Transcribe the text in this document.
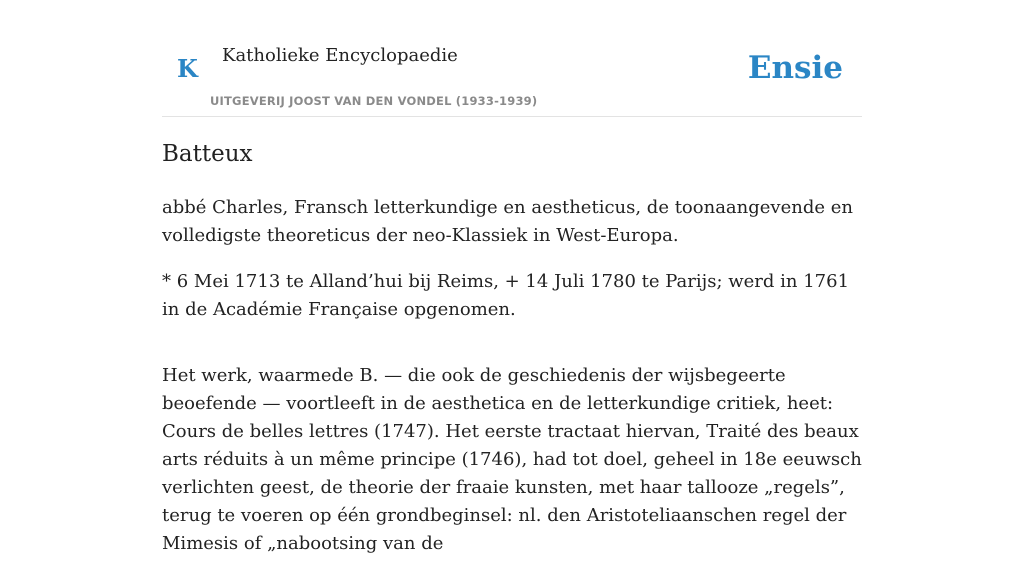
K Katholieke Encyclopaedie
UITGEVERIJ JOOST VAN DEN VONDEL (1933-1939)
Ensie
Batteux

abbé Charles, Fransch letterkundige en aestheticus, de toonaangevende en volledigste theoreticus der neo-Klassiek in West-Europa.

* 6 Mei 1713 te Alland’hui bij Reims, + 14 Juli 1780 te Parijs; werd in 1761 in de Académie Française opgenomen.

Het werk, waarmede B. — die ook de geschiedenis der wijsbegeerte beoefende — voortleeft in de aesthetica en de letterkundige critiek, heet: Cours de belles lettres (1747). Het eerste tractaat hiervan, Traité des beaux arts réduits à un même principe (1746), had tot doel, geheel in 18e eeuwsch verlichten geest, de theorie der fraaie kunsten, met haar tallooze „regels”, terug te voeren op één grondbeginsel: nl. den Aristoteliaanschen regel der Mimesis of „nabootsing van de
